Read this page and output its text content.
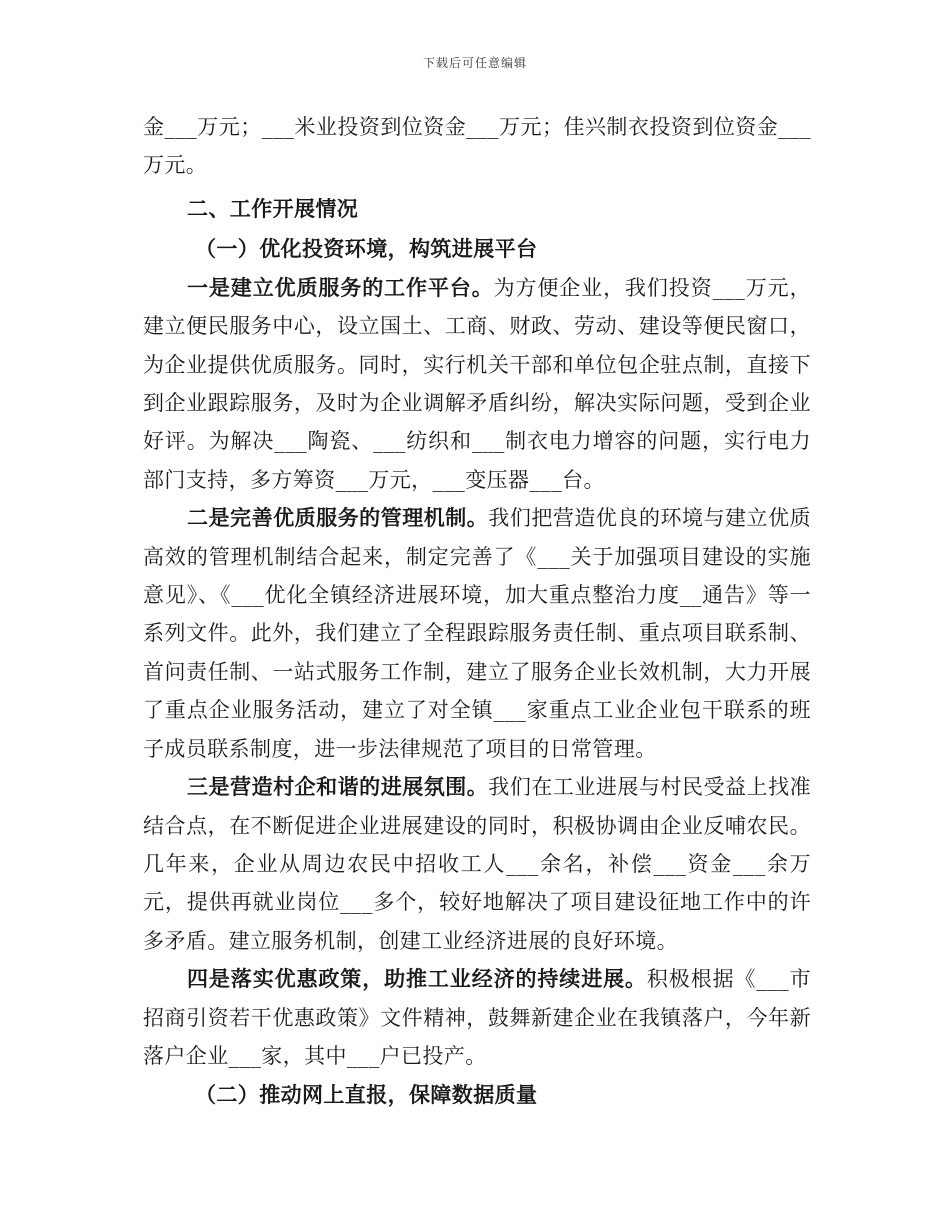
下载后可任意编辑

金___万元；___米业投资到位资金___万元；佳兴制衣投资到位资金___万元。

二、工作开展情况

（一）优化投资环境，构筑进展平台

一是建立优质服务的工作平台。为方便企业，我们投资___万元，建立便民服务中心，设立国土、工商、财政、劳动、建设等便民窗口，为企业提供优质服务。同时，实行机关干部和单位包企驻点制，直接下到企业跟踪服务，及时为企业调解矛盾纠纷，解决实际问题，受到企业好评。为解决___陶瓷、___纺织和___制衣电力增容的问题，实行电力部门支持，多方筹资___万元，___变压器___台。

二是完善优质服务的管理机制。我们把营造优良的环境与建立优质高效的管理机制结合起来，制定完善了《___关于加强项目建设的实施意见》、《___优化全镇经济进展环境，加大重点整治力度__通告》等一系列文件。此外，我们建立了全程跟踪服务责任制、重点项目联系制、首问责任制、一站式服务工作制，建立了服务企业长效机制，大力开展了重点企业服务活动，建立了对全镇___家重点工业企业包干联系的班子成员联系制度，进一步法律规范了项目的日常管理。

三是营造村企和谐的进展氛围。我们在工业进展与村民受益上找准结合点，在不断促进企业进展建设的同时，积极协调由企业反哺农民。几年来，企业从周边农民中招收工人___余名，补偿___资金___余万元，提供再就业岗位___多个，较好地解决了项目建设征地工作中的许多矛盾。建立服务机制，创建工业经济进展的良好环境。

四是落实优惠政策，助推工业经济的持续进展。积极根据《___市招商引资若干优惠政策》文件精神，鼓舞新建企业在我镇落户，今年新落户企业___家，其中___户已投产。

（二）推动网上直报，保障数据质量
